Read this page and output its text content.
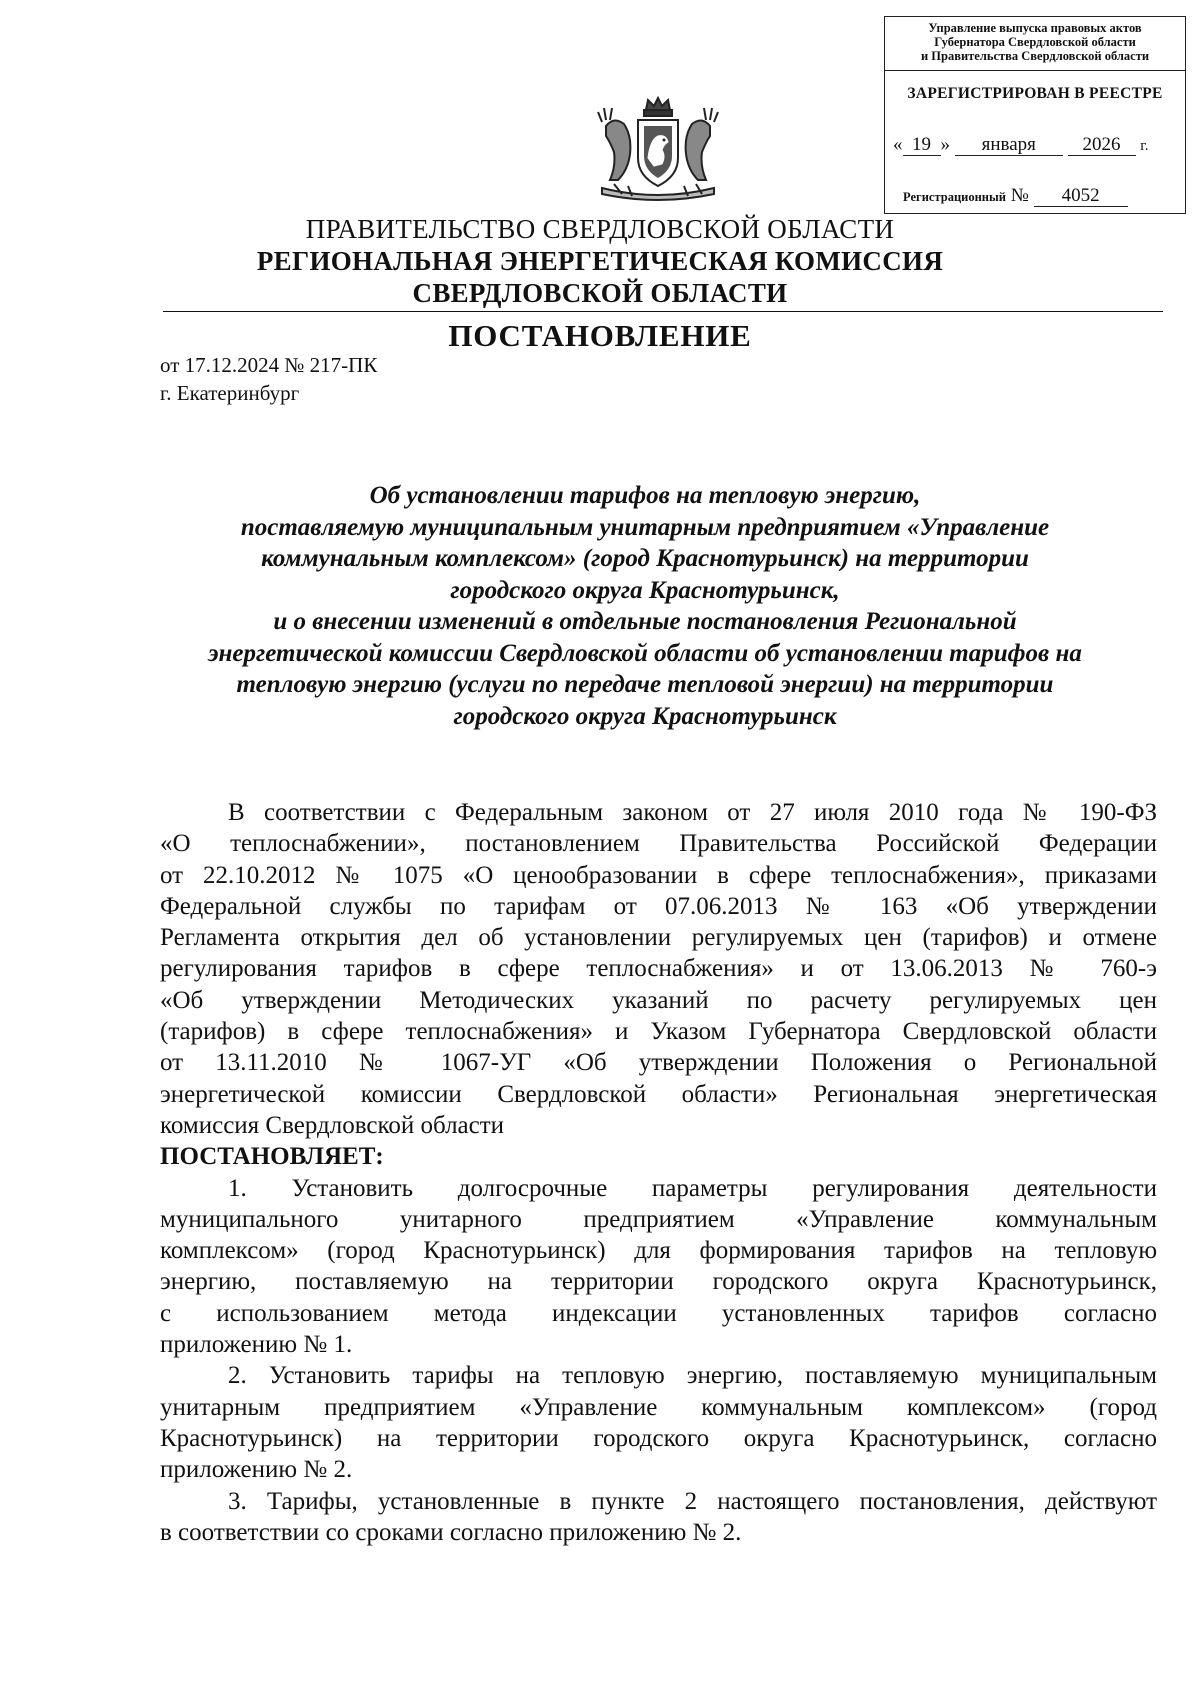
Управление выпуска правовых актов
Губернатора Свердловской области
и Правительства Свердловской области
ЗАРЕГИСТРИРОВАН В РЕЕСТРЕ
« 19 » января 2026 г.
Регистрационный № 4052
ПРАВИТЕЛЬСТВО СВЕРДЛОВСКОЙ ОБЛАСТИ
РЕГИОНАЛЬНАЯ ЭНЕРГЕТИЧЕСКАЯ КОМИССИЯ
СВЕРДЛОВСКОЙ ОБЛАСТИ
ПОСТАНОВЛЕНИЕ
от 17.12.2024 № 217-ПК
г. Екатеринбург
Об установлении тарифов на тепловую энергию,
поставляемую муниципальным унитарным предприятием «Управление
коммунальным комплексом» (город Краснотурьинск) на территории
городского округа Краснотурьинск,
и о внесении изменений в отдельные постановления Региональной
энергетической комиссии Свердловской области об установлении тарифов на
тепловую энергию (услуги по передаче тепловой энергии) на территории
городского округа Краснотурьинск
В соответствии с Федеральным законом от 27 июля 2010 года № 190-ФЗ
«О теплоснабжении», постановлением Правительства Российской Федерации
от 22.10.2012 № 1075 «О ценообразовании в сфере теплоснабжения», приказами
Федеральной службы по тарифам от 07.06.2013 № 163 «Об утверждении
Регламента открытия дел об установлении регулируемых цен (тарифов) и отмене
регулирования тарифов в сфере теплоснабжения» и от 13.06.2013 № 760-э
«Об утверждении Методических указаний по расчету регулируемых цен
(тарифов) в сфере теплоснабжения» и Указом Губернатора Свердловской области
от 13.11.2010 № 1067-УГ «Об утверждении Положения о Региональной
энергетической комиссии Свердловской области» Региональная энергетическая
комиссия Свердловской области
ПОСТАНОВЛЯЕТ:
1. Установить долгосрочные параметры регулирования деятельности
муниципального унитарного предприятием «Управление коммунальным
комплексом» (город Краснотурьинск) для формирования тарифов на тепловую
энергию, поставляемую на территории городского округа Краснотурьинск,
с использованием метода индексации установленных тарифов согласно
приложению № 1.
2. Установить тарифы на тепловую энергию, поставляемую муниципальным
унитарным предприятием «Управление коммунальным комплексом» (город
Краснотурьинск) на территории городского округа Краснотурьинск, согласно
приложению № 2.
3. Тарифы, установленные в пункте 2 настоящего постановления, действуют
в соответствии со сроками согласно приложению № 2.
